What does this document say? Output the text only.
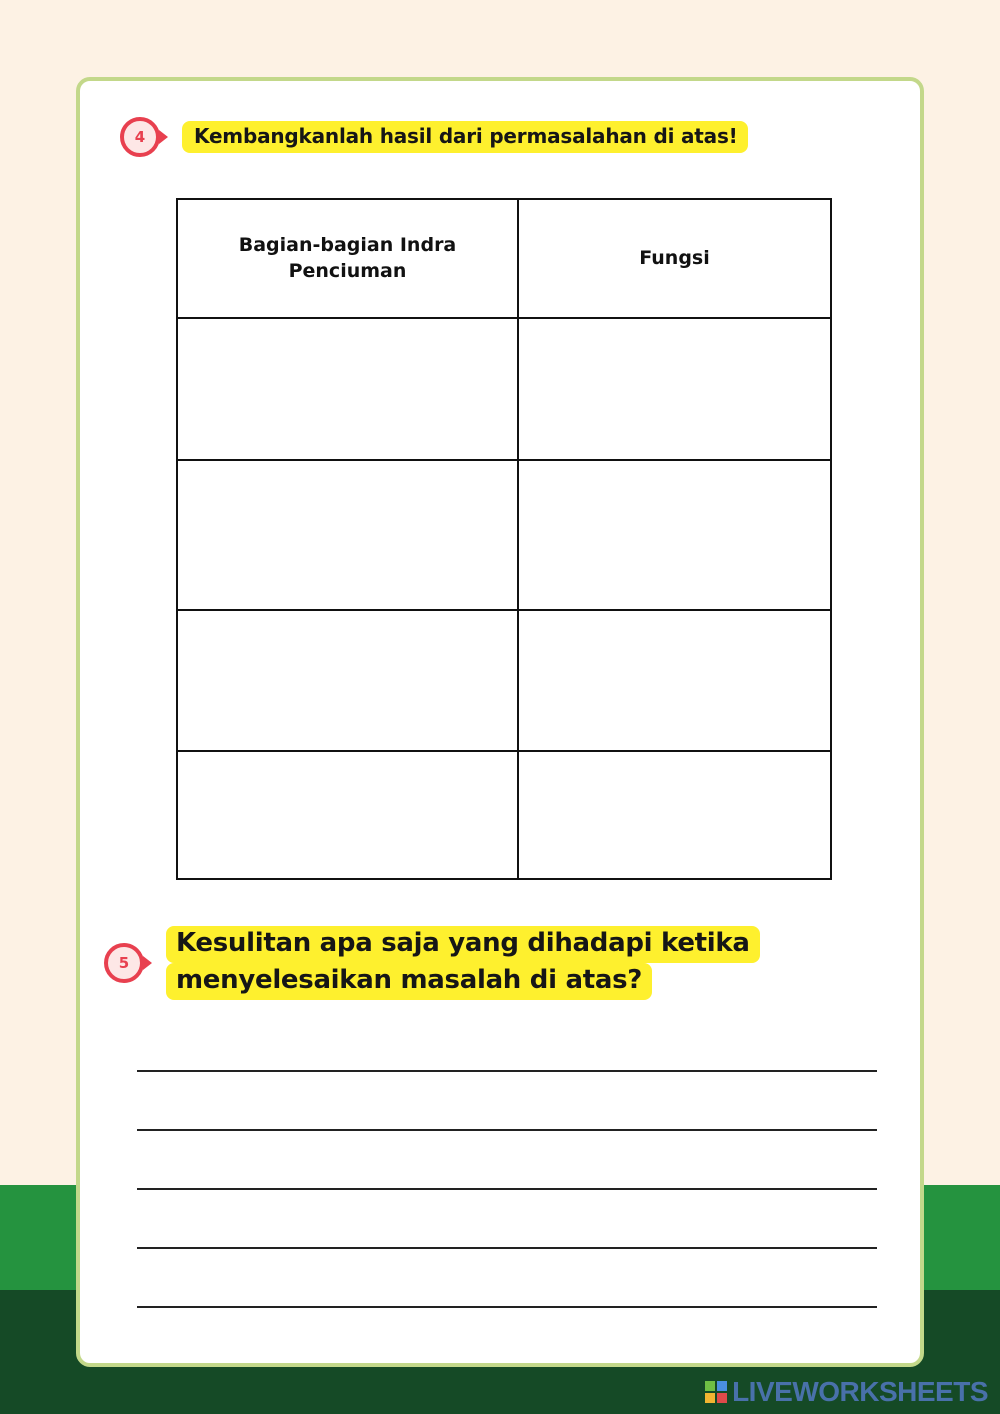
4	Kembangkanlah hasil dari permasalahan di atas!
Bagian-bagian Indra Penciuman	Fungsi

5
Kesulitan apa saja yang dihadapi ketika
menyelesaikan masalah di atas?
LIVEWORKSHEETS
